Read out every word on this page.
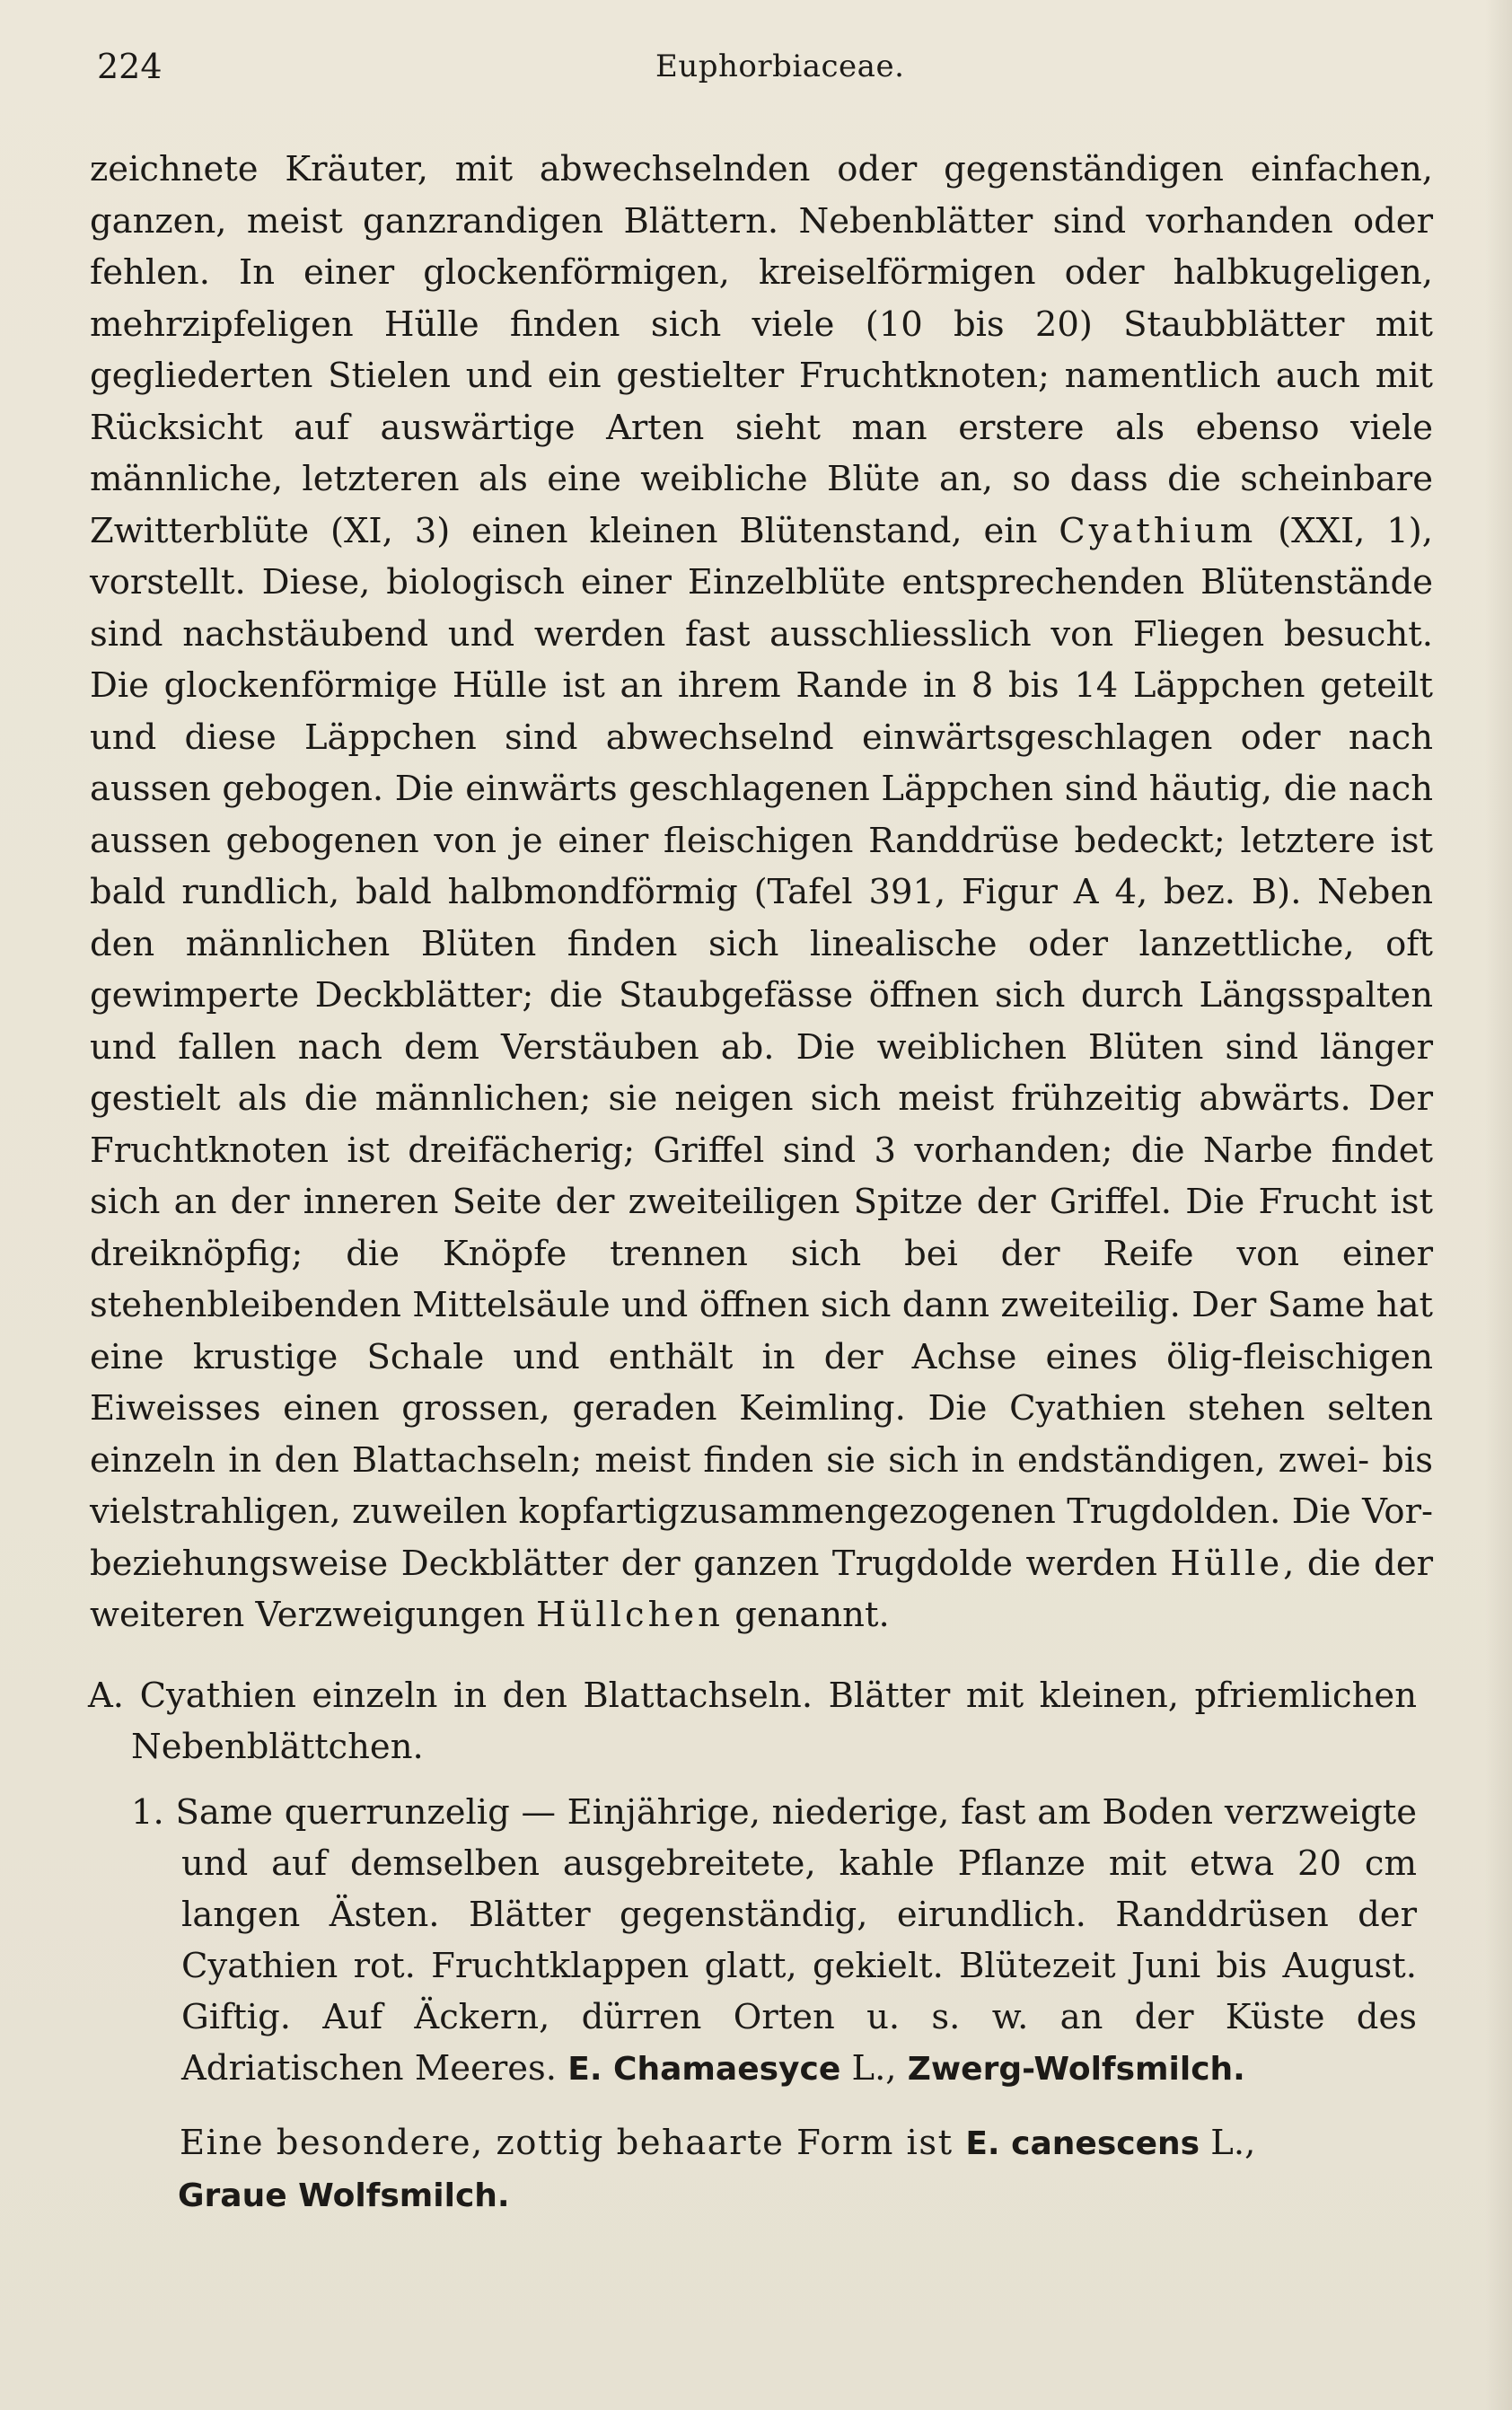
224	Euphorbiaceae.

zeichnete Kräuter, mit abwechselnden oder gegenständigen einfachen, ganzen, meist ganzrandigen Blättern. Nebenblätter sind vorhanden oder fehlen. In einer glockenförmigen, kreiselförmigen oder halbkugeligen, mehrzipfeligen Hülle finden sich viele (10 bis 20) Staubblätter mit gegliederten Stielen und ein gestielter Fruchtknoten; namentlich auch mit Rücksicht auf auswärtige Arten sieht man erstere als ebenso viele männliche, letzteren als eine weibliche Blüte an, so dass die scheinbare Zwitterblüte (XI, 3) einen kleinen Blütenstand, ein Cyathium (XXI, 1), vorstellt. Diese, biologisch einer Einzelblüte entsprechenden Blütenstände sind nachstäubend und werden fast ausschliesslich von Fliegen besucht. Die glockenförmige Hülle ist an ihrem Rande in 8 bis 14 Läppchen geteilt und diese Läppchen sind abwechselnd einwärtsgeschlagen oder nach aussen gebogen. Die einwärts geschlagenen Läppchen sind häutig, die nach aussen gebogenen von je einer fleischigen Randdrüse bedeckt; letztere ist bald rundlich, bald halbmondförmig (Tafel 391, Figur A 4, bez. B). Neben den männlichen Blüten finden sich linealische oder lanzettliche, oft gewimperte Deckblätter; die Staubgefässe öffnen sich durch Längsspalten und fallen nach dem Verstäuben ab. Die weiblichen Blüten sind länger gestielt als die männlichen; sie neigen sich meist frühzeitig abwärts. Der Fruchtknoten ist dreifächerig; Griffel sind 3 vorhanden; die Narbe findet sich an der inneren Seite der zweiteiligen Spitze der Griffel. Die Frucht ist dreiknöpfig; die Knöpfe trennen sich bei der Reife von einer stehenbleibenden Mittelsäule und öffnen sich dann zweiteilig. Der Same hat eine krustige Schale und enthält in der Achse eines ölig-fleischigen Eiweisses einen grossen, geraden Keimling. Die Cyathien stehen selten einzeln in den Blattachseln; meist finden sie sich in endständigen, zwei- bis vielstrahligen, zuweilen kopfartigzusammengezogenen Trugdolden. Die Vor- beziehungsweise Deckblätter der ganzen Trugdolde werden Hülle, die der weiteren Verzweigungen Hüllchen genannt.

A. Cyathien einzeln in den Blattachseln. Blätter mit kleinen, pfriemlichen Nebenblättchen.
1. Same querrunzelig — Einjährige, niederige, fast am Boden verzweigte und auf demselben ausgebreitete, kahle Pflanze mit etwa 20 cm langen Ästen. Blätter gegenständig, eirundlich. Randdrüsen der Cyathien rot. Fruchtklappen glatt, gekielt. Blütezeit Juni bis August. Giftig. Auf Äckern, dürren Orten u. s. w. an der Küste des Adriatischen Meeres. E. Chamaesyce L., Zwerg-Wolfsmilch.
Eine besondere, zottig behaarte Form ist E. canescens L.,
Graue Wolfsmilch.
